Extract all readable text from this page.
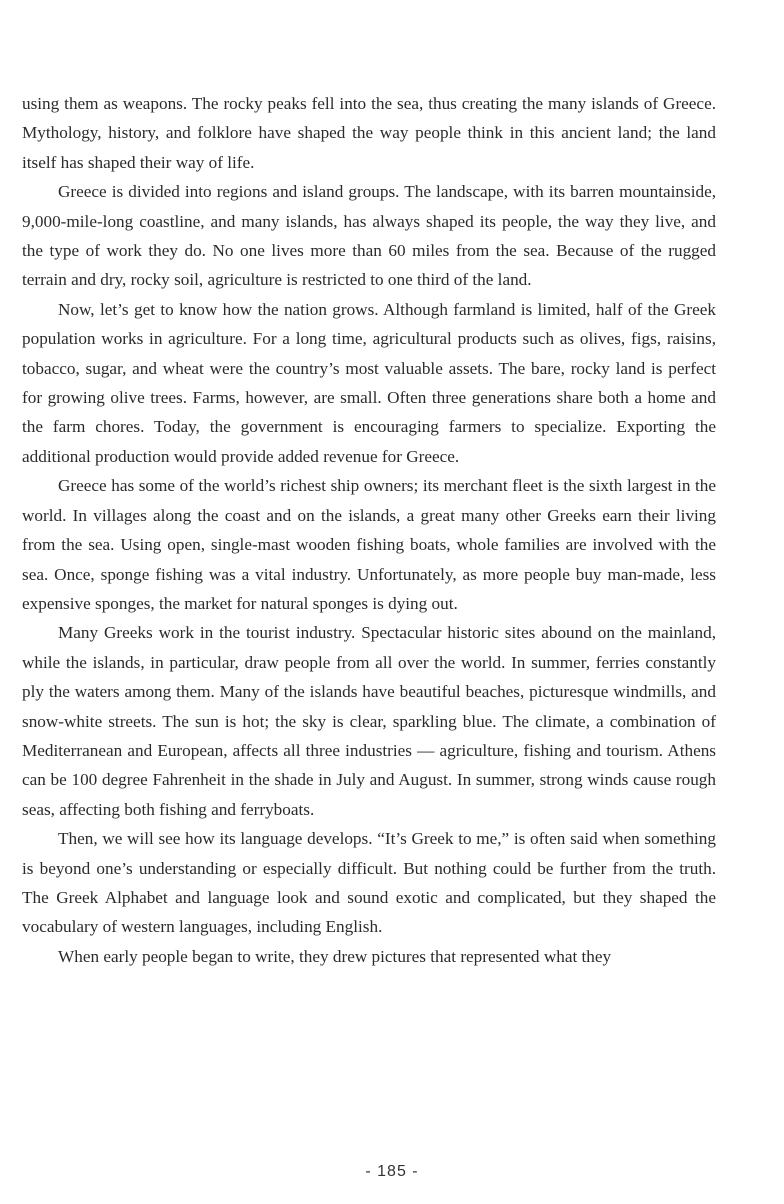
using them as weapons. The rocky peaks fell into the sea, thus creating the many islands of Greece. Mythology, history, and folklore have shaped the way people think in this ancient land; the land itself has shaped their way of life.

Greece is divided into regions and island groups. The landscape, with its barren mountainside, 9,000-mile-long coastline, and many islands, has always shaped its people, the way they live, and the type of work they do. No one lives more than 60 miles from the sea. Because of the rugged terrain and dry, rocky soil, agriculture is restricted to one third of the land.

Now, let’s get to know how the nation grows. Although farmland is limited, half of the Greek population works in agriculture. For a long time, agricultural products such as olives, figs, raisins, tobacco, sugar, and wheat were the country’s most valuable assets. The bare, rocky land is perfect for growing olive trees. Farms, however, are small. Often three generations share both a home and the farm chores. Today, the government is encouraging farmers to specialize. Exporting the additional production would provide added revenue for Greece.

Greece has some of the world’s richest ship owners; its merchant fleet is the sixth largest in the world. In villages along the coast and on the islands, a great many other Greeks earn their living from the sea. Using open, single-mast wooden fishing boats, whole families are involved with the sea. Once, sponge fishing was a vital industry. Unfortunately, as more people buy man-made, less expensive sponges, the market for natural sponges is dying out.

Many Greeks work in the tourist industry. Spectacular historic sites abound on the mainland, while the islands, in particular, draw people from all over the world. In summer, ferries constantly ply the waters among them. Many of the islands have beautiful beaches, picturesque windmills, and snow-white streets. The sun is hot; the sky is clear, sparkling blue. The climate, a combination of Mediterranean and European, affects all three industries — agriculture, fishing and tourism. Athens can be 100 degree Fahrenheit in the shade in July and August. In summer, strong winds cause rough seas, affecting both fishing and ferryboats.

Then, we will see how its language develops. “It’s Greek to me,” is often said when something is beyond one’s understanding or especially difficult. But nothing could be further from the truth. The Greek Alphabet and language look and sound exotic and complicated, but they shaped the vocabulary of western languages, including English.

When early people began to write, they drew pictures that represented what they

- 185 -
